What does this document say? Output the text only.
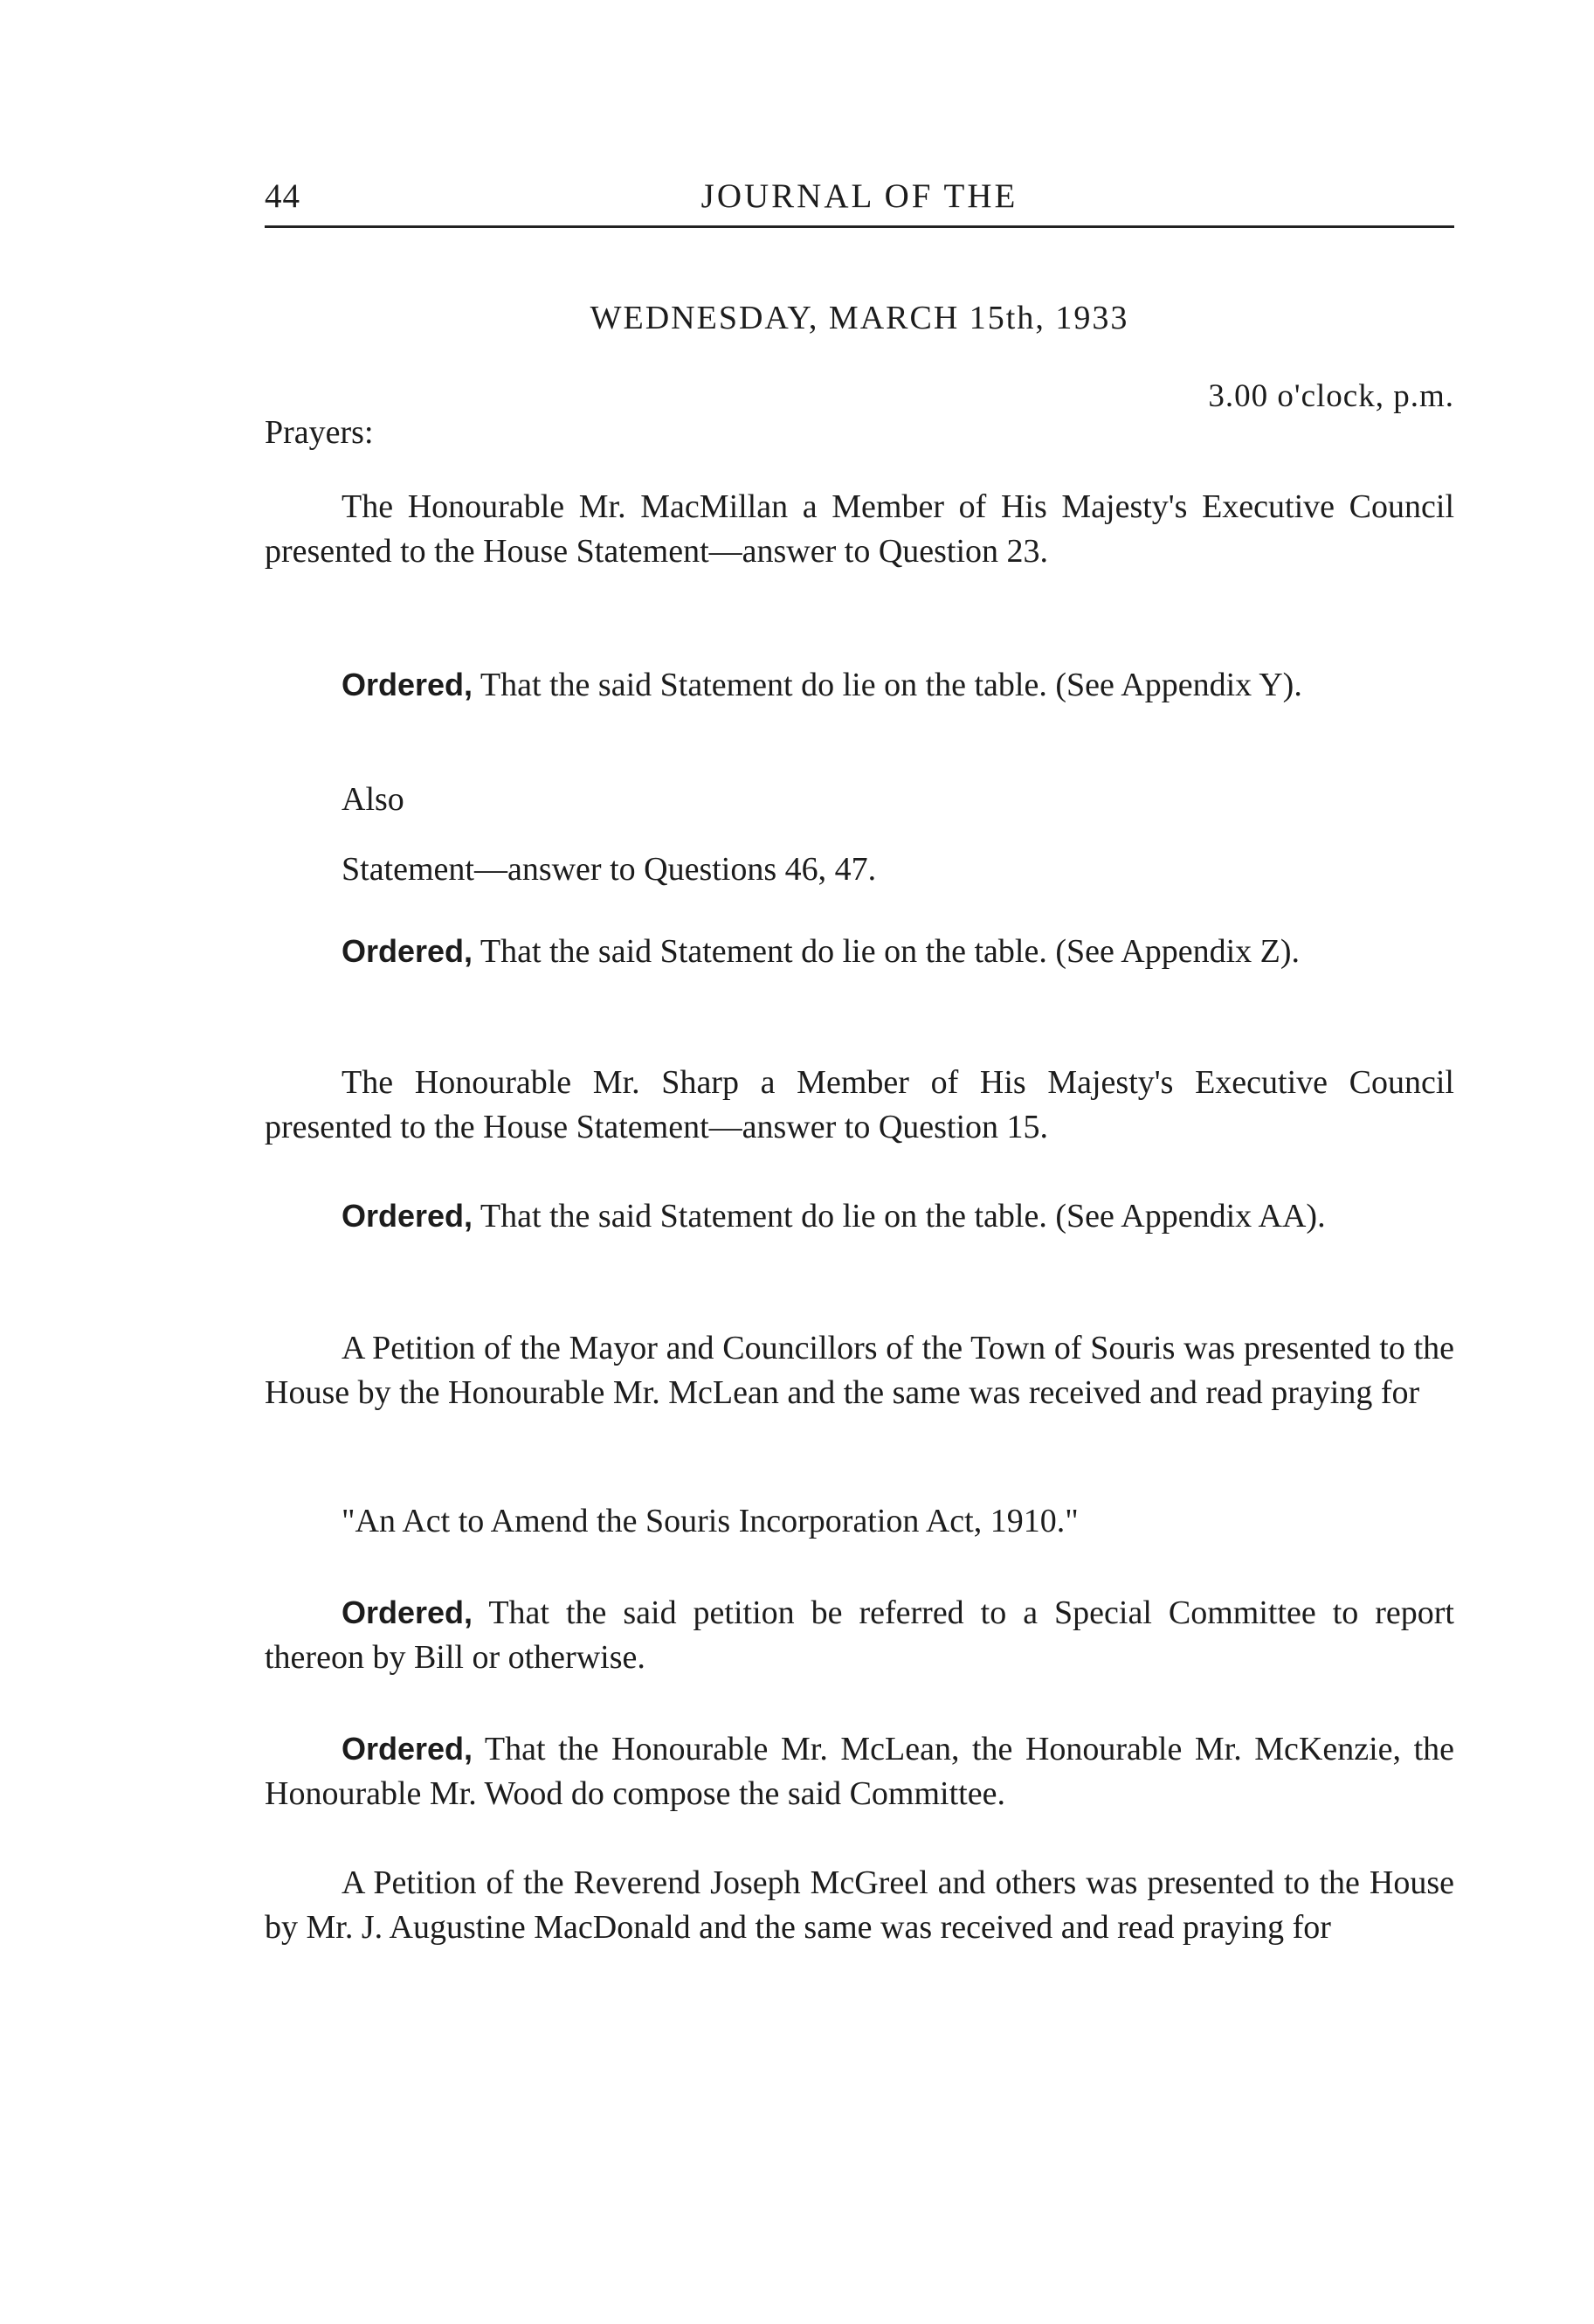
44	JOURNAL OF THE
WEDNESDAY, MARCH 15th, 1933
3.00 o'clock, p.m.

Prayers:

The Honourable Mr. MacMillan a Member of His Majesty's Executive Council presented to the House Statement—answer to Question 23.

Ordered, That the said Statement do lie on the table. (See Appendix Y).

Also

Statement—answer to Questions 46, 47.

Ordered, That the said Statement do lie on the table. (See Appendix Z).

The Honourable Mr. Sharp a Member of His Majesty's Executive Council presented to the House Statement—answer to Question 15.

Ordered, That the said Statement do lie on the table. (See Appendix AA).

A Petition of the Mayor and Councillors of the Town of Souris was presented to the House by the Honourable Mr. McLean and the same was received and read praying for

"An Act to Amend the Souris Incorporation Act, 1910."

Ordered, That the said petition be referred to a Special Committee to report thereon by Bill or otherwise.

Ordered, That the Honourable Mr. McLean, the Honourable Mr. McKenzie, the Honourable Mr. Wood do compose the said Committee.

A Petition of the Reverend Joseph McGreel and others was presented to the House by Mr. J. Augustine MacDonald and the same was received and read praying for
